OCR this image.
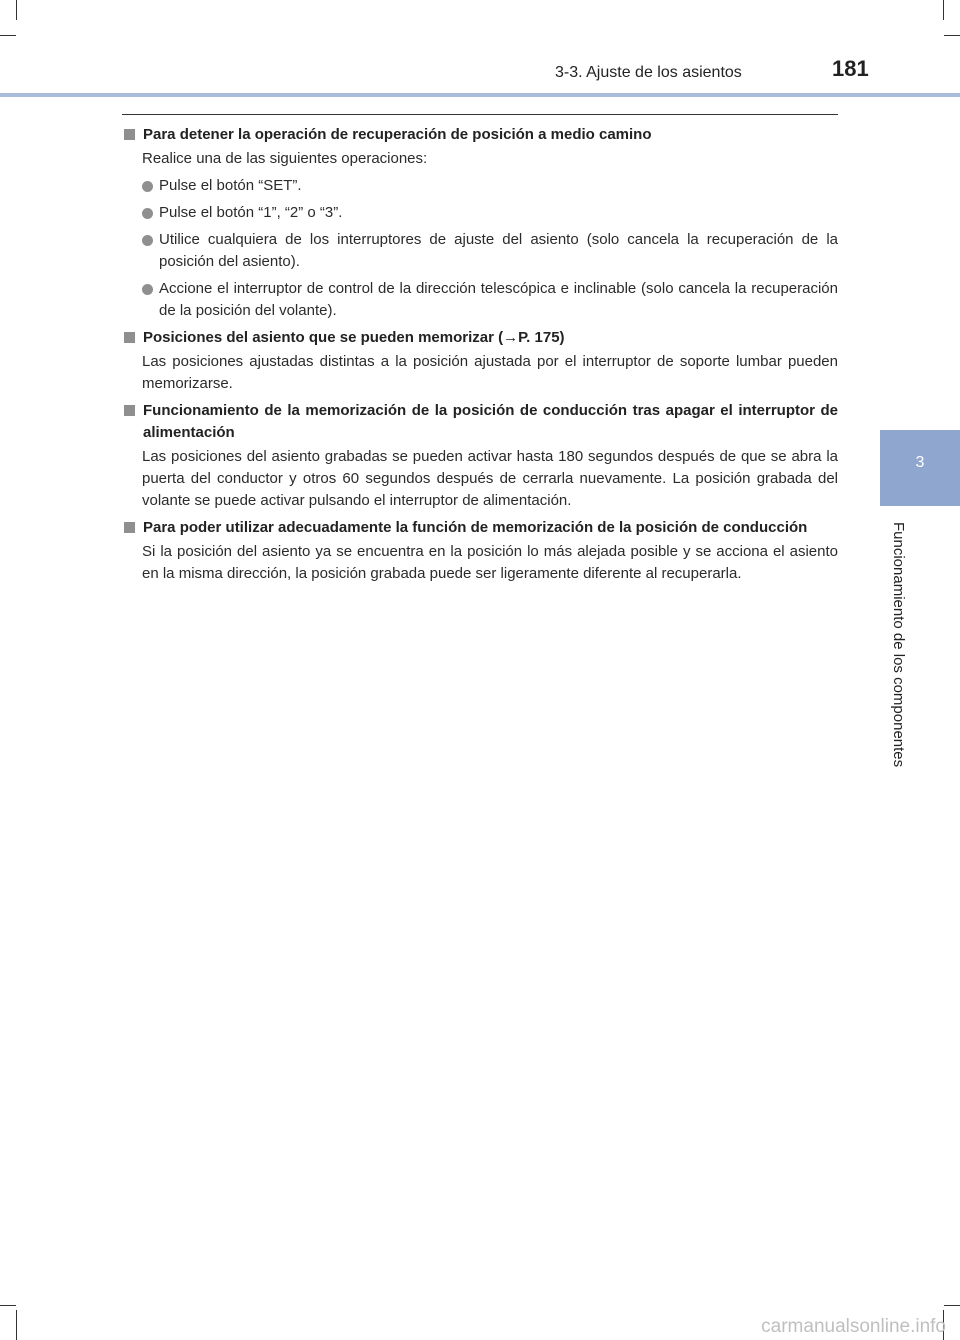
3-3. Ajuste de los asientos	181
3
Funcionamiento de los componentes
Para detener la operación de recuperación de posición a medio camino
Realice una de las siguientes operaciones:
Pulse el botón “SET”.
Pulse el botón “1”, “2” o “3”.
Utilice cualquiera de los interruptores de ajuste del asiento (solo cancela la recuperación de la posición del asiento).
Accione el interruptor de control de la dirección telescópica e inclinable (solo cancela la recuperación de la posición del volante).
Posiciones del asiento que se pueden memorizar (→P. 175)
Las posiciones ajustadas distintas a la posición ajustada por el interruptor de soporte lumbar pueden memorizarse.
Funcionamiento de la memorización de la posición de conducción tras apagar el interruptor de alimentación
Las posiciones del asiento grabadas se pueden activar hasta 180 segundos después de que se abra la puerta del conductor y otros 60 segundos después de cerrarla nuevamente. La posición grabada del volante se puede activar pulsando el interruptor de alimentación.
Para poder utilizar adecuadamente la función de memorización de la posición de conducción
Si la posición del asiento ya se encuentra en la posición lo más alejada posible y se acciona el asiento en la misma dirección, la posición grabada puede ser ligeramente diferente al recuperarla.
carmanualsonline.info
